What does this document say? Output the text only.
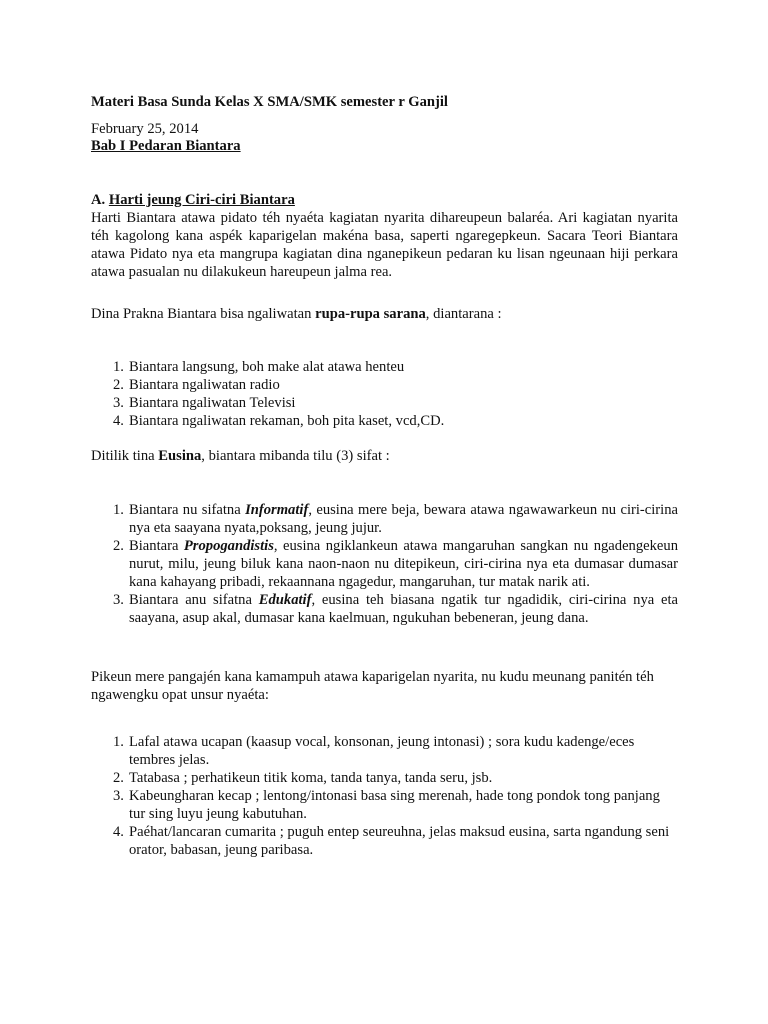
Materi Basa Sunda Kelas X SMA/SMK semester r Ganjil

February 25, 2014

Bab I Pedaran Biantara

A. Harti jeung Ciri-ciri Biantara

Harti Biantara atawa pidato téh nyaéta kagiatan nyarita dihareupeun balaréa. Ari kagiatan nyarita téh kagolong kana aspék kaparigelan makéna basa, saperti ngaregepkeun. Sacara Teori Biantara atawa Pidato nya eta mangrupa kagiatan dina nganepikeun pedaran ku lisan ngeunaan hiji perkara atawa pasualan nu dilakukeun hareupeun jalma rea.

Dina Prakna Biantara bisa ngaliwatan rupa-rupa sarana, diantarana :

1. Biantara langsung, boh make alat atawa henteu
2. Biantara ngaliwatan radio
3. Biantara ngaliwatan Televisi
4. Biantara ngaliwatan rekaman, boh pita kaset, vcd,CD.

Ditilik tina Eusina, biantara mibanda tilu (3) sifat :

1. Biantara nu sifatna Informatif, eusina mere beja, bewara atawa ngawawarkeun nu ciri-cirina nya eta saayana nyata,poksang, jeung jujur.
2. Biantara Propogandistis, eusina ngiklankeun atawa mangaruhan sangkan nu ngadengekeun nurut, milu, jeung biluk kana naon-naon nu ditepikeun, ciri-cirina nya eta dumasar dumasar kana kahayang pribadi, rekaannana ngagedur, mangaruhan, tur matak narik ati.
3. Biantara anu sifatna Edukatif, eusina teh biasana ngatik tur ngadidik, ciri-cirina nya eta saayana, asup akal, dumasar kana kaelmuan, ngukuhan bebeneran, jeung dana.

Pikeun mere pangajén kana kamampuh atawa kaparigelan nyarita, nu kudu meunang panitén téh ngawengku opat unsur nyaéta:

1. Lafal atawa ucapan (kaasup vocal, konsonan, jeung intonasi) ; sora kudu kadenge/eces tembres jelas.
2. Tatabasa ; perhatikeun titik koma, tanda tanya, tanda seru, jsb.
3. Kabeungharan kecap ; lentong/intonasi basa sing merenah, hade tong pondok tong panjang tur sing luyu jeung kabutuhan.
4. Paéhat/lancaran cumarita ; puguh entep seureuhna, jelas maksud eusina, sarta ngandung seni orator, babasan, jeung paribasa.
